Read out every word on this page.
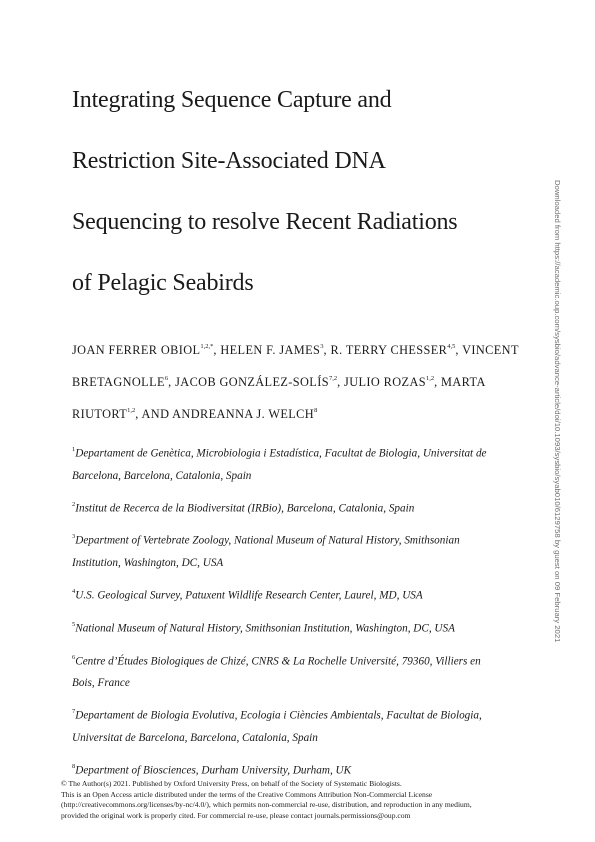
Integrating Sequence Capture and
Restriction Site-Associated DNA
Sequencing to resolve Recent Radiations
of Pelagic Seabirds
JOAN FERRER $OBIOL^{1,2,*}$, HELEN F. JAMES$^3$, R. TERRY CHESSER$^{4,5}$, VINCENT
BRETAGNOLLE$^6$, JACOB GONZÁLEZ-SOLÍS$^{7,2}$, JULIO ROZAS$^{1,2}$, MARTA
RIUTORT$^{1,2}$, AND ANDREANNA J. WELCH$^8$
$^1$Departament de Genètica, Microbiologia i Estadística, Facultat de Biologia, Universitat de
Barcelona, Barcelona, Catalonia, Spain
$^2$Institut de Recerca de la Biodiversitat (IRBio), Barcelona, Catalonia, Spain
$^3$Department of Vertebrate Zoology, National Museum of Natural History, Smithsonian
Institution, Washington, DC, USA
$^4$U.S. Geological Survey, Patuxent Wildlife Research Center, Laurel, MD, USA
$^5$National Museum of Natural History, Smithsonian Institution, Washington, DC, USA
$^6$Centre d’Études Biologiques de Chizé, CNRS & La Rochelle Université, 79360, Villiers en
Bois, France
$^7$Departament de Biologia Evolutiva, Ecologia i Ciències Ambientals, Facultat de Biologia,
Universitat de Barcelona, Barcelona, Catalonia, Spain
$^8$Department of Biosciences, Durham University, Durham, UK
© The Author(s) 2021. Published by Oxford University Press, on behalf of the Society of Systematic Biologists.
This is an Open Access article distributed under the terms of the Creative Commons Attribution Non-Commercial License
(http://creativecommons.org/licenses/by-nc/4.0/), which permits non-commercial re-use, distribution, and reproduction in any medium,
provided the original work is properly cited. For commercial re-use, please contact journals.permissions@oup.com
Downloaded from https://academic.oup.com/sysbio/advance-article/doi/10.1093/sysbio/syab010/6129758 by guest on 09 February 2021
